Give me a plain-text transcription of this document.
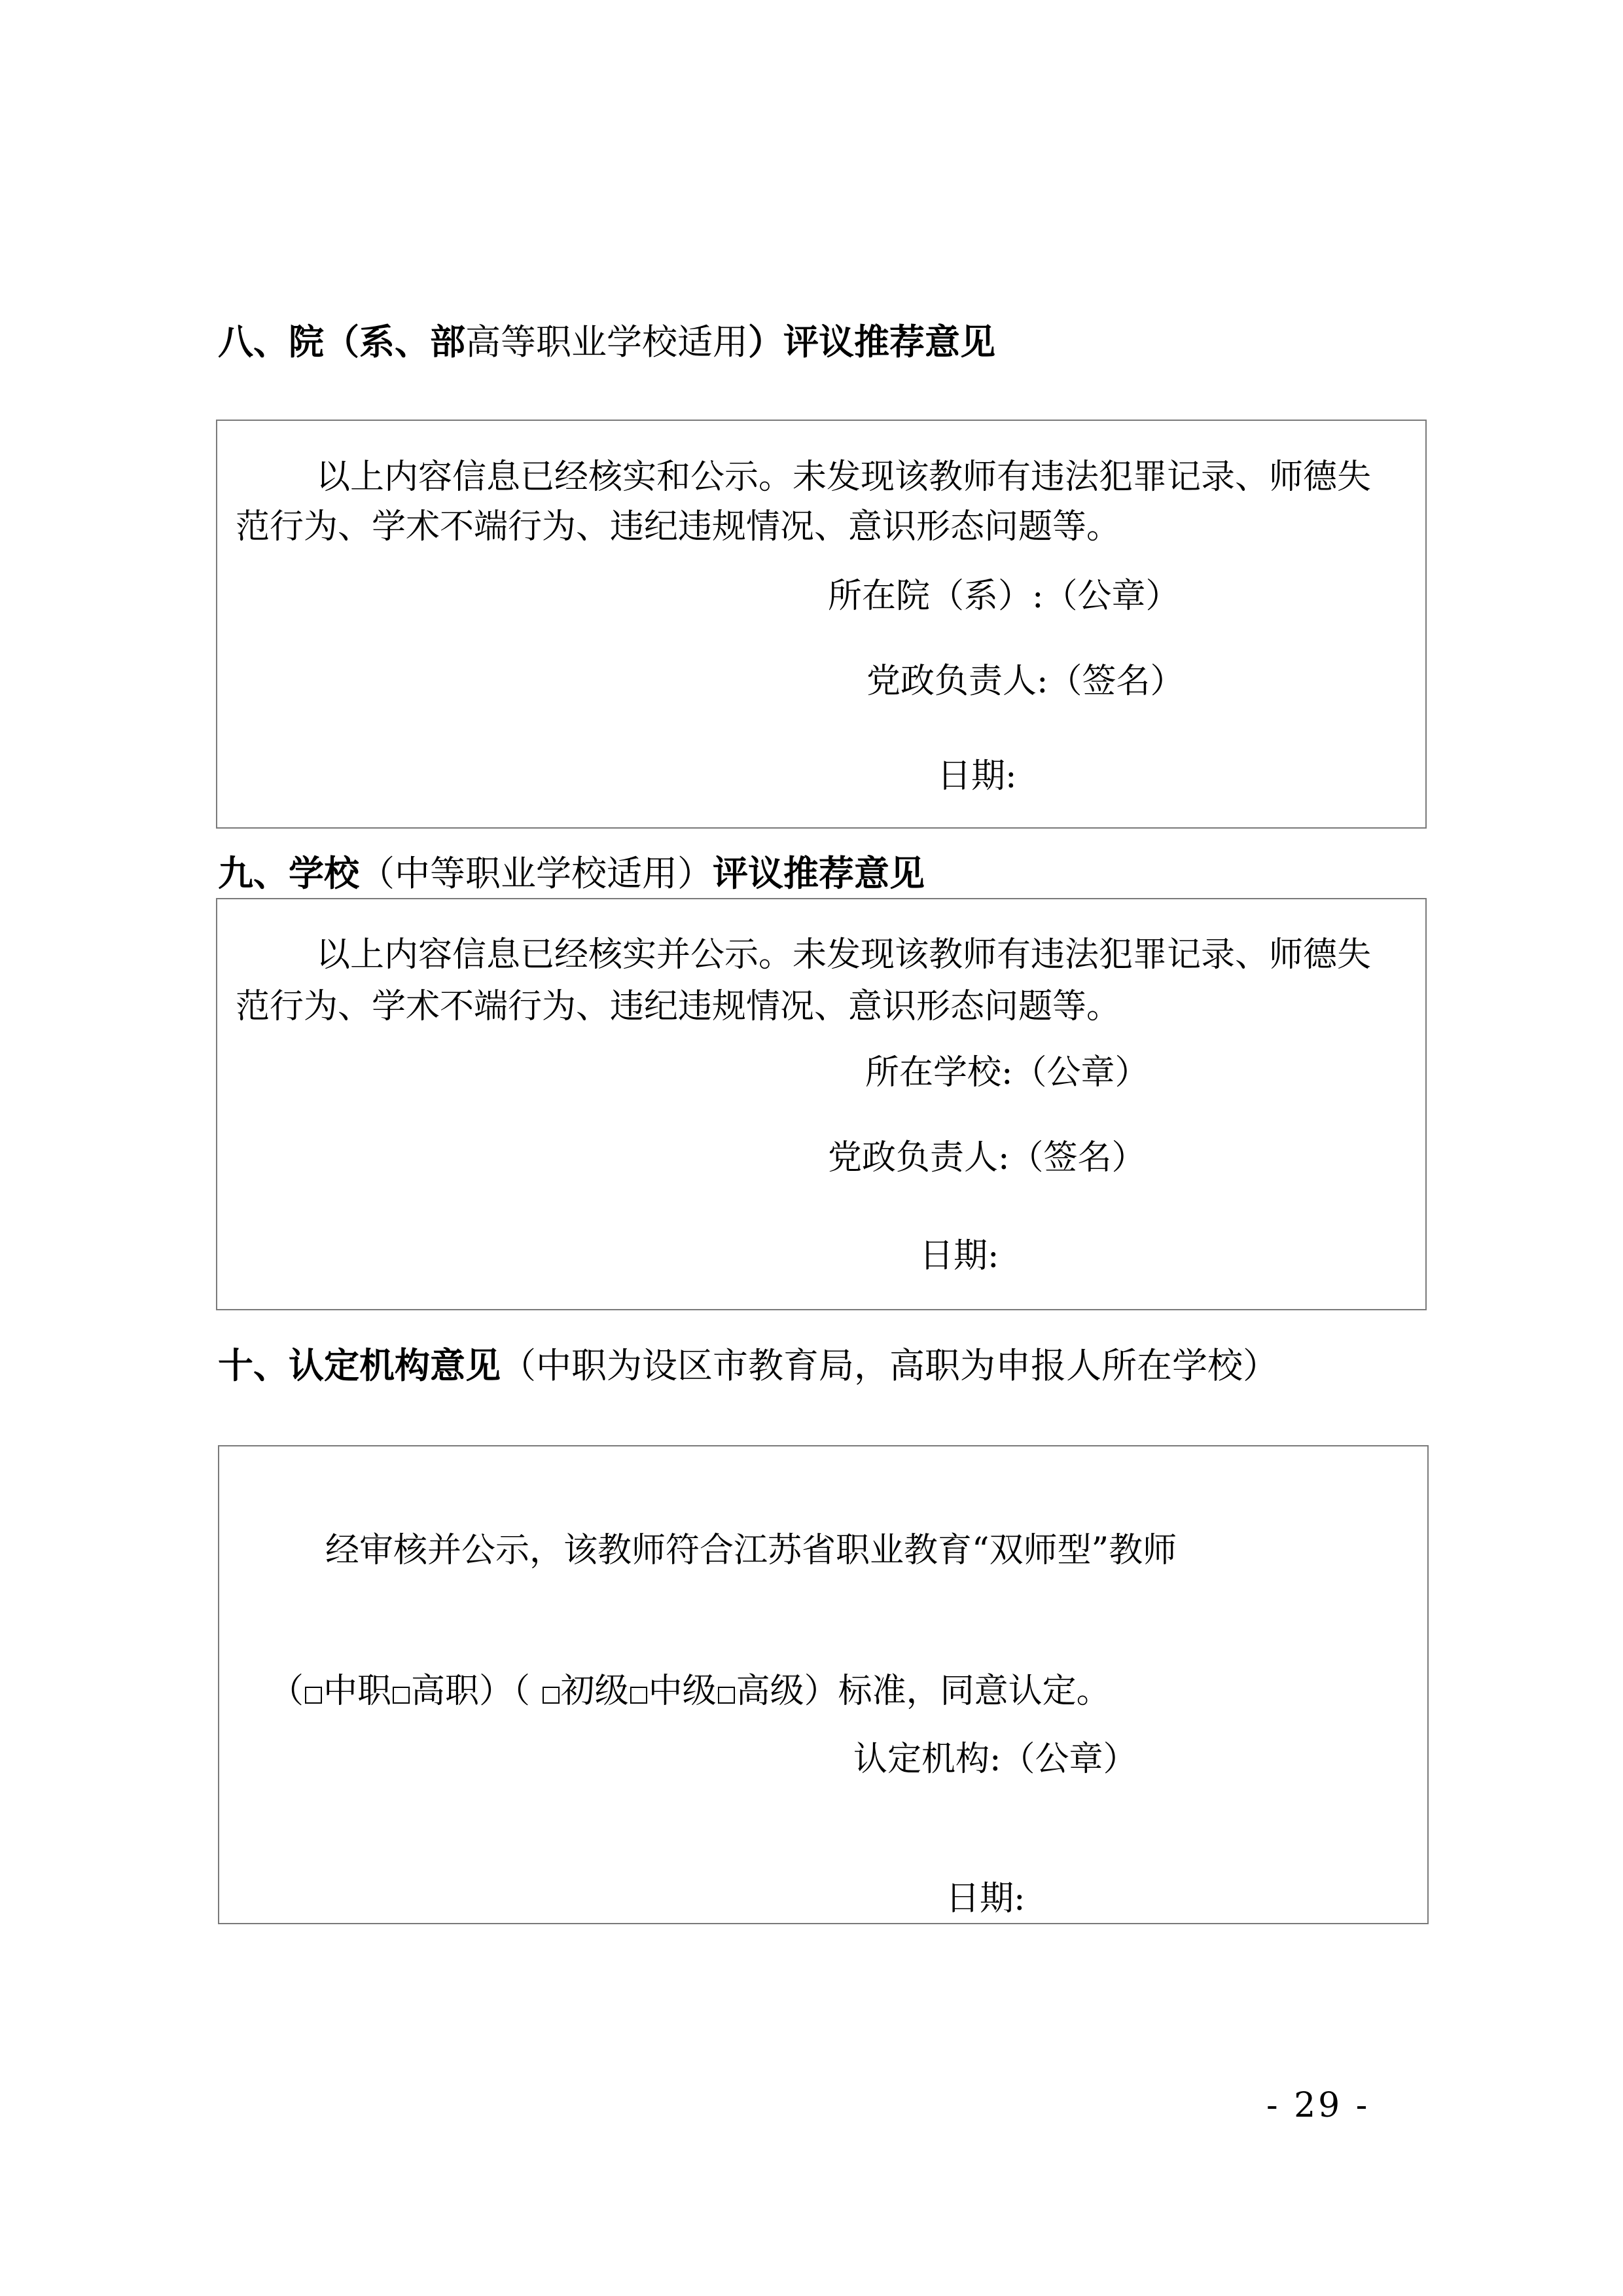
八、院（系、部高等职业学校适用）评议推荐意见

以上内容信息已经核实和公示。未发现该教师有违法犯罪记录、师德失

范行为、学术不端行为、违纪违规情况、意识形态问题等。

所在院（系）:（公章）

党政负责人:（签名）

日期:

九、学校（中等职业学校适用）评议推荐意见

以上内容信息已经核实并公示。未发现该教师有违法犯罪记录、师德失

范行为、学术不端行为、违纪违规情况、意识形态问题等。

所在学校:（公章）

党政负责人:（签名）

日期:

十、认定机构意见（中职为设区市教育局，高职为申报人所在学校）

经审核并公示，该教师符合江苏省职业教育“双师型”教师

（ 中职 高职）（ 初级 中级 高级）标准，同意认定。

认定机构:（公章）

日期:

- 29 -
